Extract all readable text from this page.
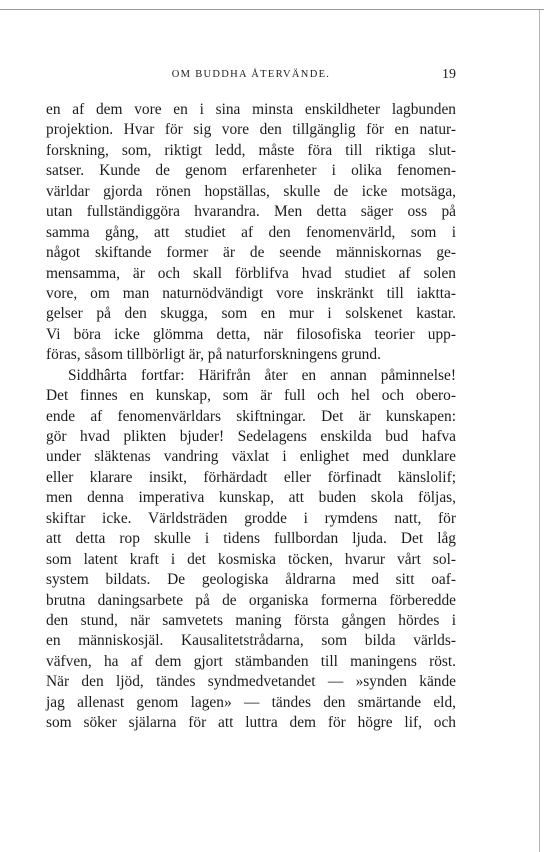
OM BUDDHA ÅTERVÄNDE.	19
en af dem vore en i sina minsta enskildheter lagbunden
projektion. Hvar för sig vore den tillgänglig för en natur-
forskning, som, riktigt ledd, måste föra till riktiga slut-
satser. Kunde de genom erfarenheter i olika fenomen-
världar gjorda rönen hopställas, skulle de icke motsäga,
utan fullständiggöra hvarandra. Men detta säger oss på
samma gång, att studiet af den fenomenvärld, som i
något skiftande former är de seende människornas ge-
mensamma, är och skall förblifva hvad studiet af solen
vore, om man naturnödvändigt vore inskränkt till iaktta-
gelser på den skugga, som en mur i solskenet kastar.
Vi böra icke glömma detta, när filosofiska teorier upp-
föras, såsom tillbörligt är, på naturforskningens grund.
Siddhârta fortfar: Härifrån åter en annan påminnelse!
Det finnes en kunskap, som är full och hel och obero-
ende af fenomenvärldars skiftningar. Det är kunskapen:
gör hvad plikten bjuder! Sedelagens enskilda bud hafva
under släktenas vandring växlat i enlighet med dunklare
eller klarare insikt, förhärdadt eller förfinadt känslolif;
men denna imperativa kunskap, att buden skola följas,
skiftar icke. Världsträden grodde i rymdens natt, för
att detta rop skulle i tidens fullbordan ljuda. Det låg
som latent kraft i det kosmiska töcken, hvarur vårt sol-
system bildats. De geologiska åldrarna med sitt oaf-
brutna daningsarbete på de organiska formerna förberedde
den stund, när samvetets maning första gången hördes i
en människosjäl. Kausalitetstrådarna, som bilda världs-
väfven, ha af dem gjort stämbanden till maningens röst.
När den ljöd, tändes syndmedvetandet — »synden kände
jag allenast genom lagen» — tändes den smärtande eld,
som söker själarna för att luttra dem för högre lif, och
